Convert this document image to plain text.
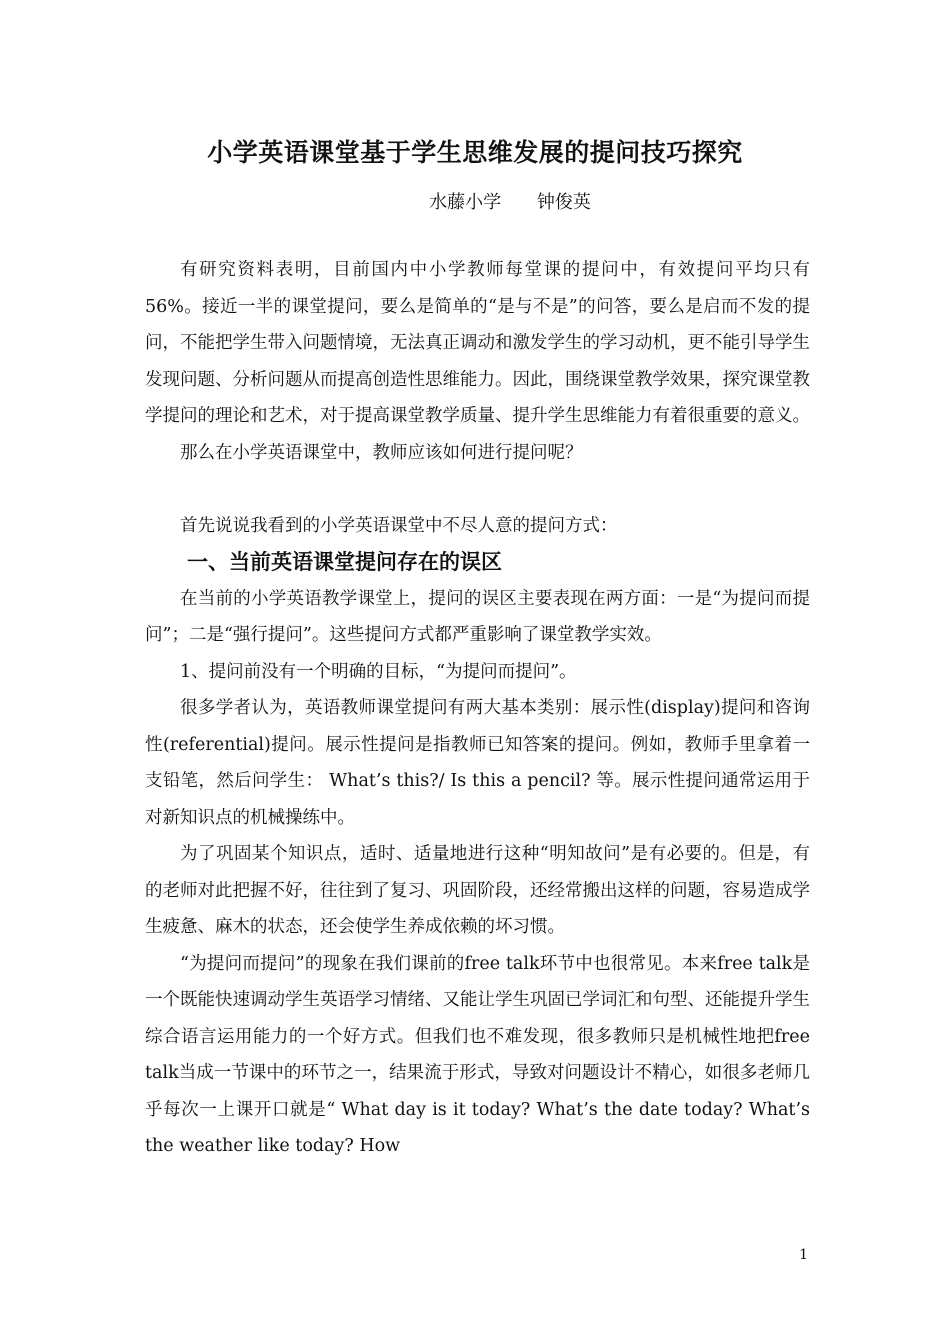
小学英语课堂基于学生思维发展的提问技巧探究
水藤小学 钟俊英

有研究资料表明，目前国内中小学教师每堂课的提问中，有效提问平均只有56%。接近一半的课堂提问，要么是简单的“是与不是”的问答，要么是启而不发的提问，不能把学生带入问题情境，无法真正调动和激发学生的学习动机，更不能引导学生发现问题、分析问题从而提高创造性思维能力。因此，围绕课堂教学效果，探究课堂教学提问的理论和艺术，对于提高课堂教学质量、提升学生思维能力有着很重要的意义。

那么在小学英语课堂中，教师应该如何进行提问呢？

首先说说我看到的小学英语课堂中不尽人意的提问方式：

一、当前英语课堂提问存在的误区

在当前的小学英语教学课堂上，提问的误区主要表现在两方面：一是“为提问而提问”；二是“强行提问”。这些提问方式都严重影响了课堂教学实效。

1、提问前没有一个明确的目标，“为提问而提问”。

很多学者认为，英语教师课堂提问有两大基本类别：展示性(display)提问和咨询性(referential)提问。展示性提问是指教师已知答案的提问。例如，教师手里拿着一支铅笔，然后问学生： What’s this?/ Is this a pencil? 等。展示性提问通常运用于对新知识点的机械操练中。

为了巩固某个知识点，适时、适量地进行这种“明知故问”是有必要的。但是，有的老师对此把握不好，往往到了复习、巩固阶段，还经常搬出这样的问题，容易造成学生疲惫、麻木的状态，还会使学生养成依赖的坏习惯。

“为提问而提问”的现象在我们课前的free talk环节中也很常见。本来free talk是一个既能快速调动学生英语学习情绪、又能让学生巩固已学词汇和句型、还能提升学生综合语言运用能力的一个好方式。但我们也不难发现，很多教师只是机械性地把free talk当成一节课中的环节之一，结果流于形式，导致对问题设计不精心，如很多老师几乎每次一上课开口就是“ What day is it today? What’s the date today? What’s the weather like today? How

1
